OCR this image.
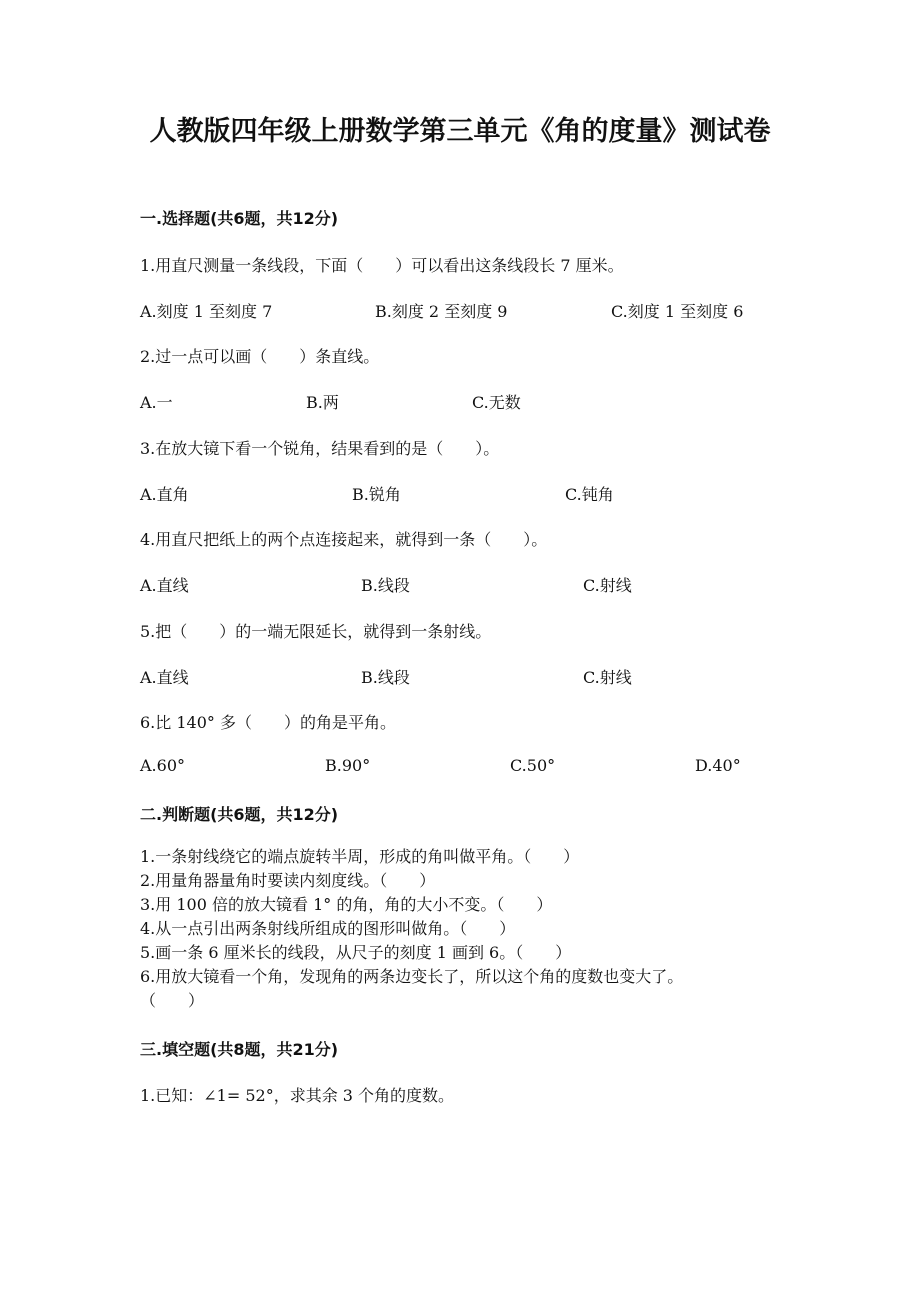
人教版四年级上册数学第三单元《角的度量》测试卷
一.选择题(共6题，共12分)
1.用直尺测量一条线段，下面（　　）可以看出这条线段长 7 厘米。
A.刻度 1 至刻度 7	B.刻度 2 至刻度 9	C.刻度 1 至刻度 6
2.过一点可以画（　　）条直线。
A.一	B.两	C.无数
3.在放大镜下看一个锐角，结果看到的是（　　）。
A.直角	B.锐角	C.钝角
4.用直尺把纸上的两个点连接起来，就得到一条（　　）。
A.直线	B.线段	C.射线
5.把（　　）的一端无限延长，就得到一条射线。
A.直线	B.线段	C.射线
6.比 140° 多（　　）的角是平角。
A.60°	B.90°	C.50°	D.40°
二.判断题(共6题，共12分)
1.一条射线绕它的端点旋转半周，形成的角叫做平角。（　　）
2.用量角器量角时要读内刻度线。（　　）
3.用 100 倍的放大镜看 1° 的角，角的大小不变。（　　）
4.从一点引出两条射线所组成的图形叫做角。（　　）
5.画一条 6 厘米长的线段，从尺子的刻度 1 画到 6。（　　）
6.用放大镜看一个角，发现角的两条边变长了，所以这个角的度数也变大了。
（　　）
三.填空题(共8题，共21分)
1.已知：∠1= 52°，求其余 3 个角的度数。
